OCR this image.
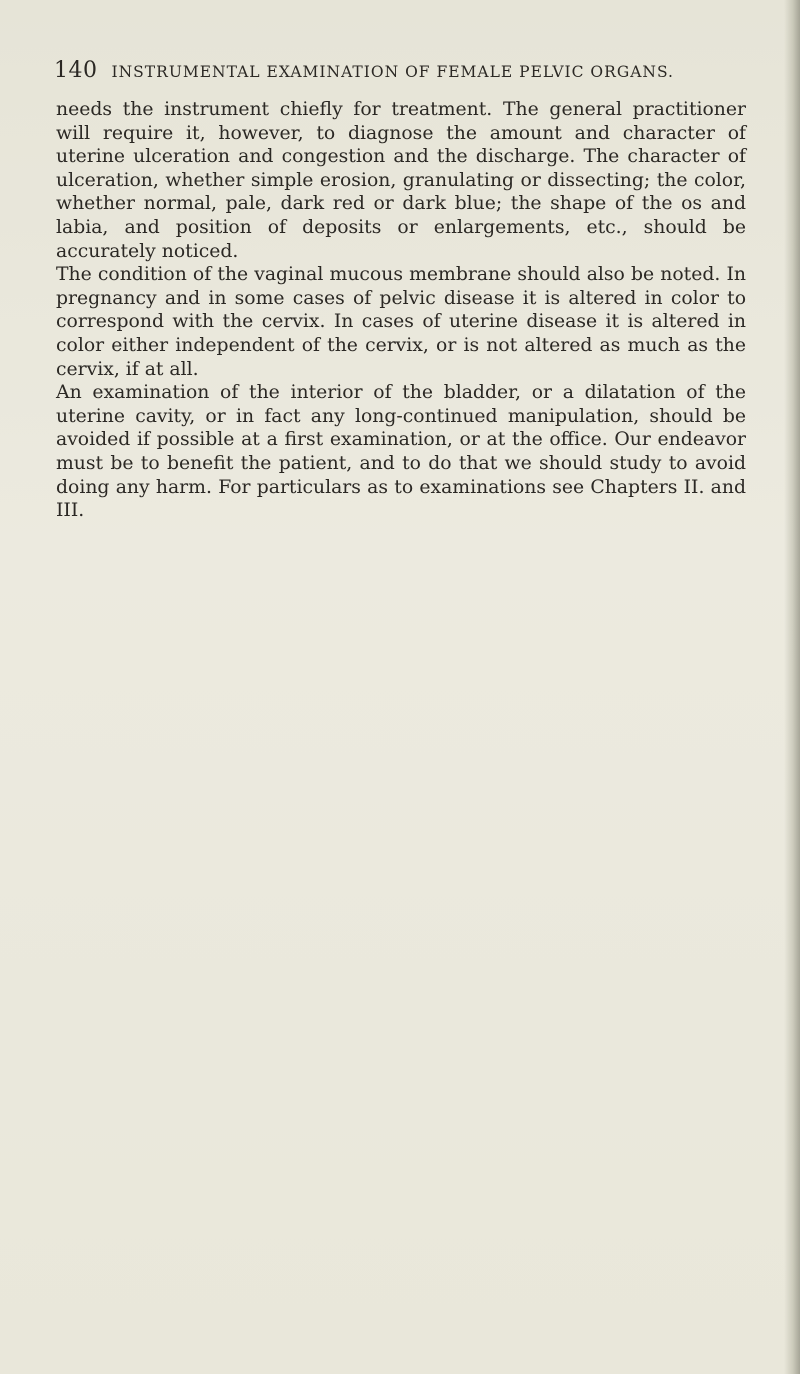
140 INSTRUMENTAL EXAMINATION OF FEMALE PELVIC ORGANS.

needs the instrument chiefly for treatment. The general practitioner will require it, however, to diagnose the amount and character of uterine ulceration and congestion and the discharge. The character of ulceration, whether simple erosion, granulating or dissecting; the color, whether normal, pale, dark red or dark blue; the shape of the os and labia, and position of deposits or enlargements, etc., should be accurately noticed.

The condition of the vaginal mucous membrane should also be noted. In pregnancy and in some cases of pelvic disease it is altered in color to correspond with the cervix. In cases of uterine disease it is altered in color either independent of the cervix, or is not altered as much as the cervix, if at all.

An examination of the interior of the bladder, or a dilatation of the uterine cavity, or in fact any long-continued manipulation, should be avoided if possible at a first examination, or at the office. Our endeavor must be to benefit the patient, and to do that we should study to avoid doing any harm. For particulars as to examinations see Chapters II. and III.
